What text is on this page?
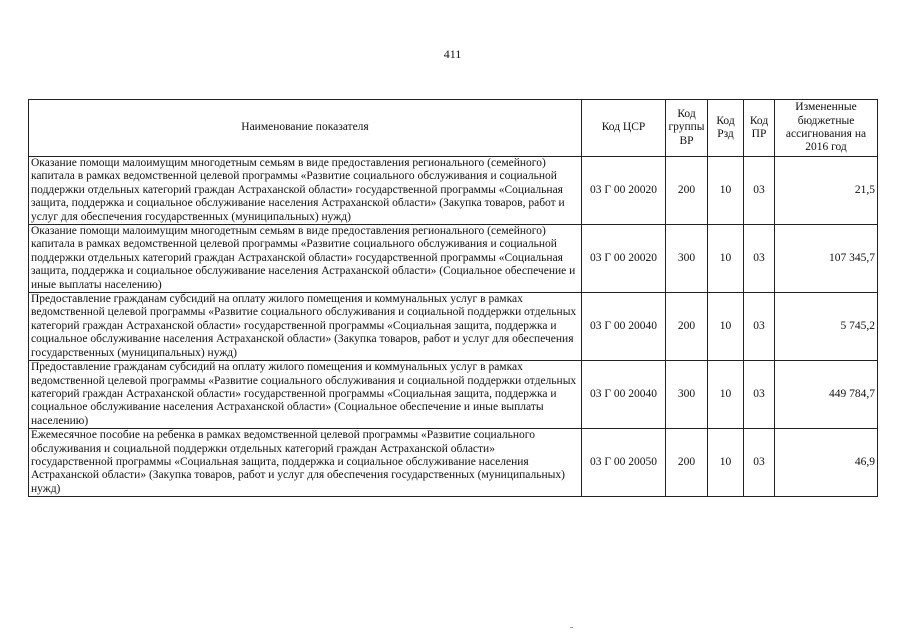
411
Наименование показателя	Код ЦСР	Код группы ВР	Код Рзд	Код ПР	Измененные бюджетные ассигнования на 2016 год
Оказание помощи малоимущим многодетным семьям в виде предоставления регионального (семейного) капитала в рамках ведомственной целевой программы «Развитие социального обслуживания и социальной поддержки отдельных категорий граждан Астраханской области» государственной программы «Социальная защита, поддержка и социальное обслуживание населения Астраханской области» (Закупка товаров, работ и услуг для обеспечения государственных (муниципальных) нужд)	03 Г 00 20020	200	10	03	21,5
Оказание помощи малоимущим многодетным семьям в виде предоставления регионального (семейного) капитала в рамках ведомственной целевой программы «Развитие социального обслуживания и социальной поддержки отдельных категорий граждан Астраханской области» государственной программы «Социальная защита, поддержка и социальное обслуживание населения Астраханской области» (Социальное обеспечение и иные выплаты населению)	03 Г 00 20020	300	10	03	107 345,7
Предоставление гражданам субсидий на оплату жилого помещения и коммунальных услуг в рамках ведомственной целевой программы «Развитие социального обслуживания и социальной поддержки отдельных категорий граждан Астраханской области» государственной программы «Социальная защита, поддержка и социальное обслуживание населения Астраханской области» (Закупка товаров, работ и услуг для обеспечения государственных (муниципальных) нужд)	03 Г 00 20040	200	10	03	5 745,2
Предоставление гражданам субсидий на оплату жилого помещения и коммунальных услуг в рамках ведомственной целевой программы «Развитие социального обслуживания и социальной поддержки отдельных категорий граждан Астраханской области» государственной программы «Социальная защита, поддержка и социальное обслуживание населения Астраханской области» (Социальное обеспечение и иные выплаты населению)	03 Г 00 20040	300	10	03	449 784,7
Ежемесячное пособие на ребенка в рамках ведомственной целевой программы «Развитие социального обслуживания и социальной поддержки отдельных категорий граждан Астраханской области» государственной программы «Социальная защита, поддержка и социальное обслуживание населения Астраханской области» (Закупка товаров, работ и услуг для обеспечения государственных (муниципальных) нужд)	03 Г 00 20050	200	10	03	46,9
